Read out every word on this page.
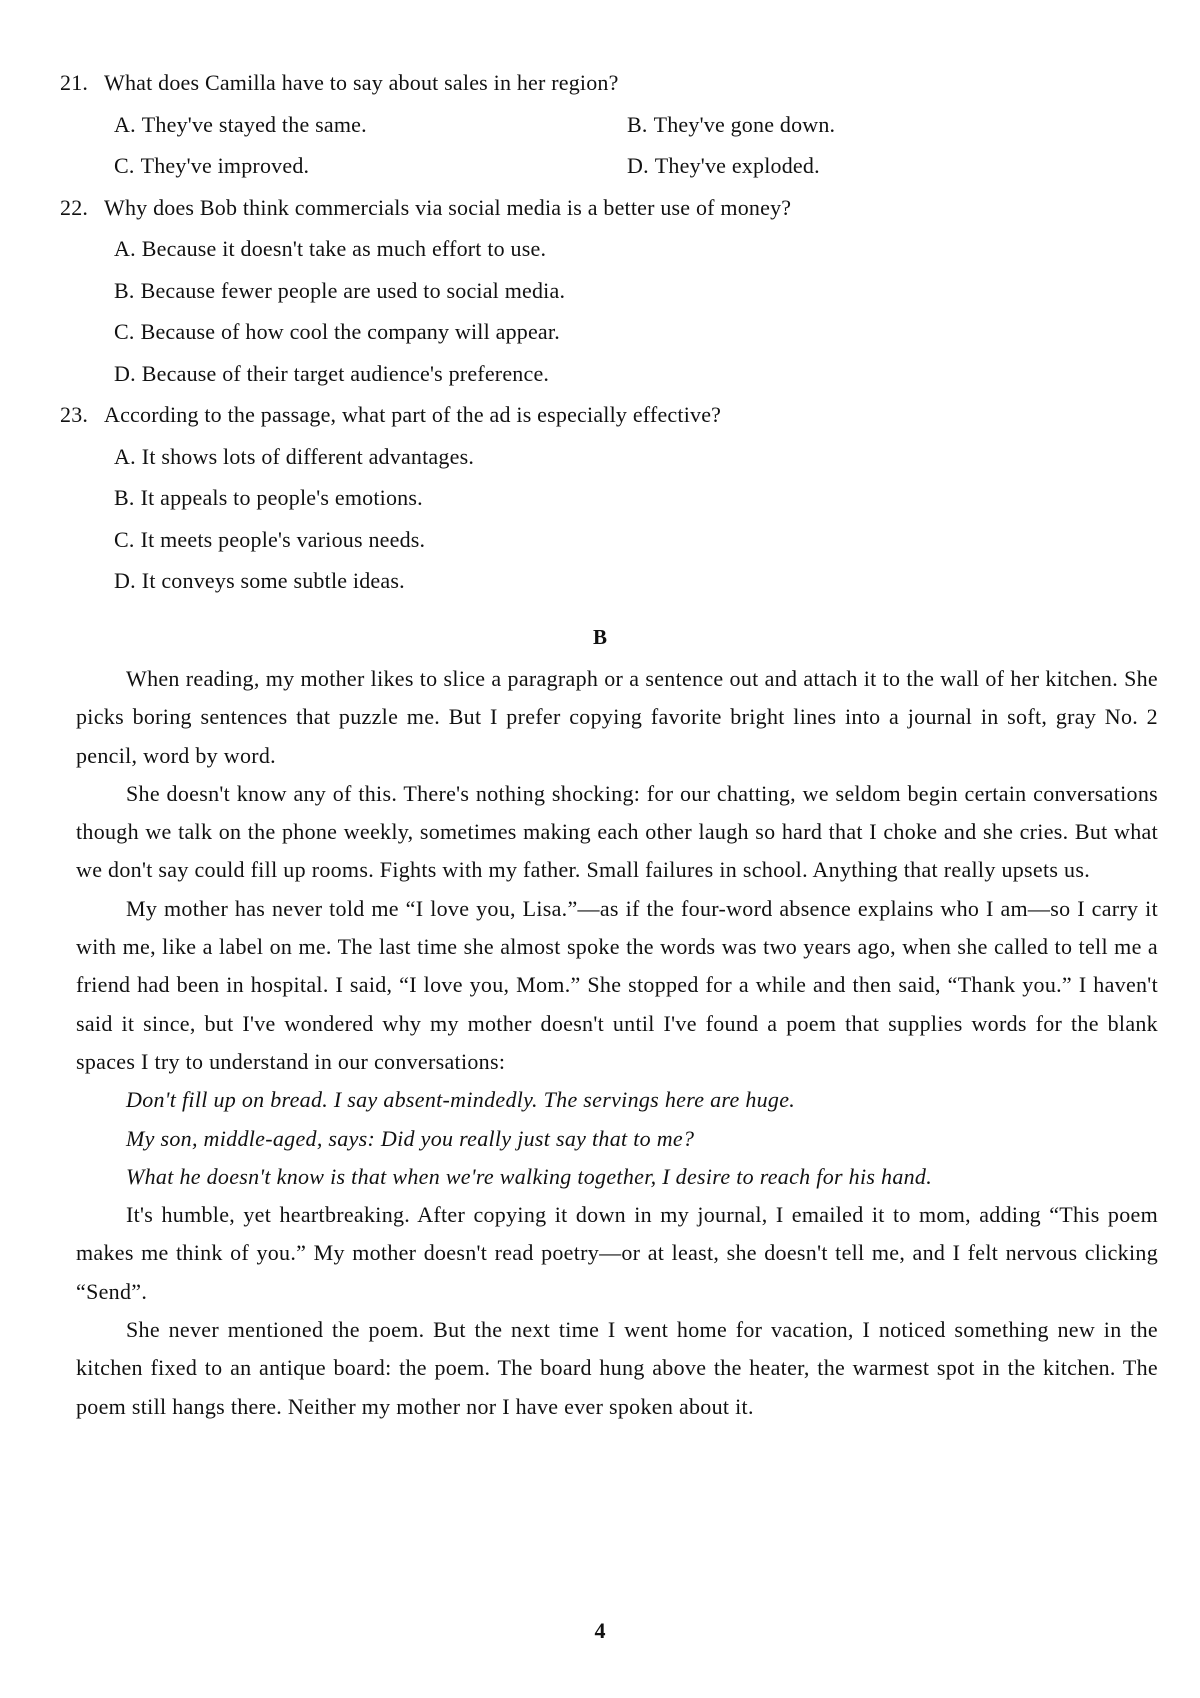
21. What does Camilla have to say about sales in her region?
A. They've stayed the same.	B. They've gone down.
C. They've improved.	D. They've exploded.
22. Why does Bob think commercials via social media is a better use of money?
A. Because it doesn't take as much effort to use.
B. Because fewer people are used to social media.
C. Because of how cool the company will appear.
D. Because of their target audience's preference.
23. According to the passage, what part of the ad is especially effective?
A. It shows lots of different advantages.
B. It appeals to people's emotions.
C. It meets people's various needs.
D. It conveys some subtle ideas.
B

When reading, my mother likes to slice a paragraph or a sentence out and attach it to the wall of her kitchen. She picks boring sentences that puzzle me. But I prefer copying favorite bright lines into a journal in soft, gray No. 2 pencil, word by word.

She doesn't know any of this. There's nothing shocking: for our chatting, we seldom begin certain conversations though we talk on the phone weekly, sometimes making each other laugh so hard that I choke and she cries. But what we don't say could fill up rooms. Fights with my father. Small failures in school. Anything that really upsets us.

My mother has never told me “I love you, Lisa.”—as if the four-word absence explains who I am—so I carry it with me, like a label on me. The last time she almost spoke the words was two years ago, when she called to tell me a friend had been in hospital. I said, “I love you, Mom.” She stopped for a while and then said, “Thank you.” I haven't said it since, but I've wondered why my mother doesn't until I've found a poem that supplies words for the blank spaces I try to understand in our conversations:

Don't fill up on bread. I say absent-mindedly. The servings here are huge.

My son, middle-aged, says: Did you really just say that to me?

What he doesn't know is that when we're walking together, I desire to reach for his hand.

It's humble, yet heartbreaking. After copying it down in my journal, I emailed it to mom, adding “This poem makes me think of you.” My mother doesn't read poetry—or at least, she doesn't tell me, and I felt nervous clicking “Send”.

She never mentioned the poem. But the next time I went home for vacation, I noticed something new in the kitchen fixed to an antique board: the poem. The board hung above the heater, the warmest spot in the kitchen. The poem still hangs there. Neither my mother nor I have ever spoken about it.

4
